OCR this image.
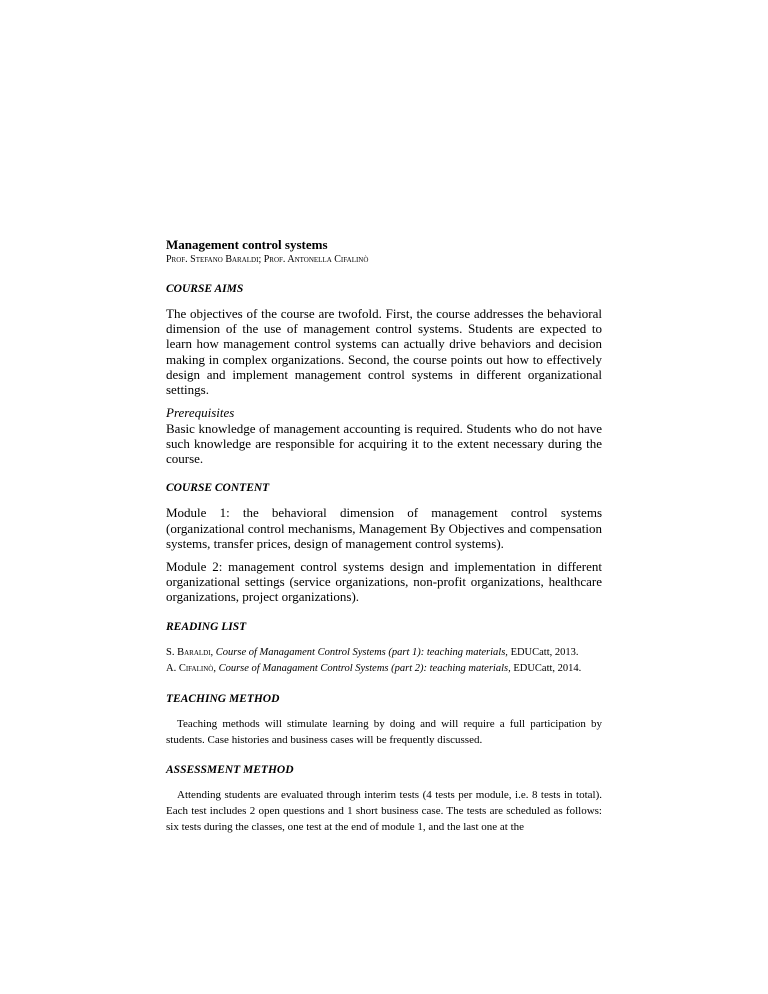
Management control systems

Prof. Stefano Baraldi; Prof. Antonella Cifalinò

COURSE AIMS

The objectives of the course are twofold. First, the course addresses the behavioral dimension of the use of management control systems. Students are expected to learn how management control systems can actually drive behaviors and decision making in complex organizations. Second, the course points out how to effectively design and implement management control systems in different organizational settings.

Prerequisites

Basic knowledge of management accounting is required. Students who do not have such knowledge are responsible for acquiring it to the extent necessary during the course.

COURSE CONTENT

Module 1: the behavioral dimension of management control systems (organizational control mechanisms, Management By Objectives and compensation systems, transfer prices, design of management control systems).

Module 2: management control systems design and implementation in different organizational settings (service organizations, non-profit organizations, healthcare organizations, project organizations).

READING LIST

S. Baraldi, Course of Managament Control Systems (part 1): teaching materials, EDUCatt, 2013.

A. Cifalinò, Course of Managament Control Systems (part 2): teaching materials, EDUCatt, 2014.

TEACHING METHOD

Teaching methods will stimulate learning by doing and will require a full participation by students. Case histories and business cases will be frequently discussed.

ASSESSMENT METHOD

Attending students are evaluated through interim tests (4 tests per module, i.e. 8 tests in total). Each test includes 2 open questions and 1 short business case. The tests are scheduled as follows: six tests during the classes, one test at the end of module 1, and the last one at the
